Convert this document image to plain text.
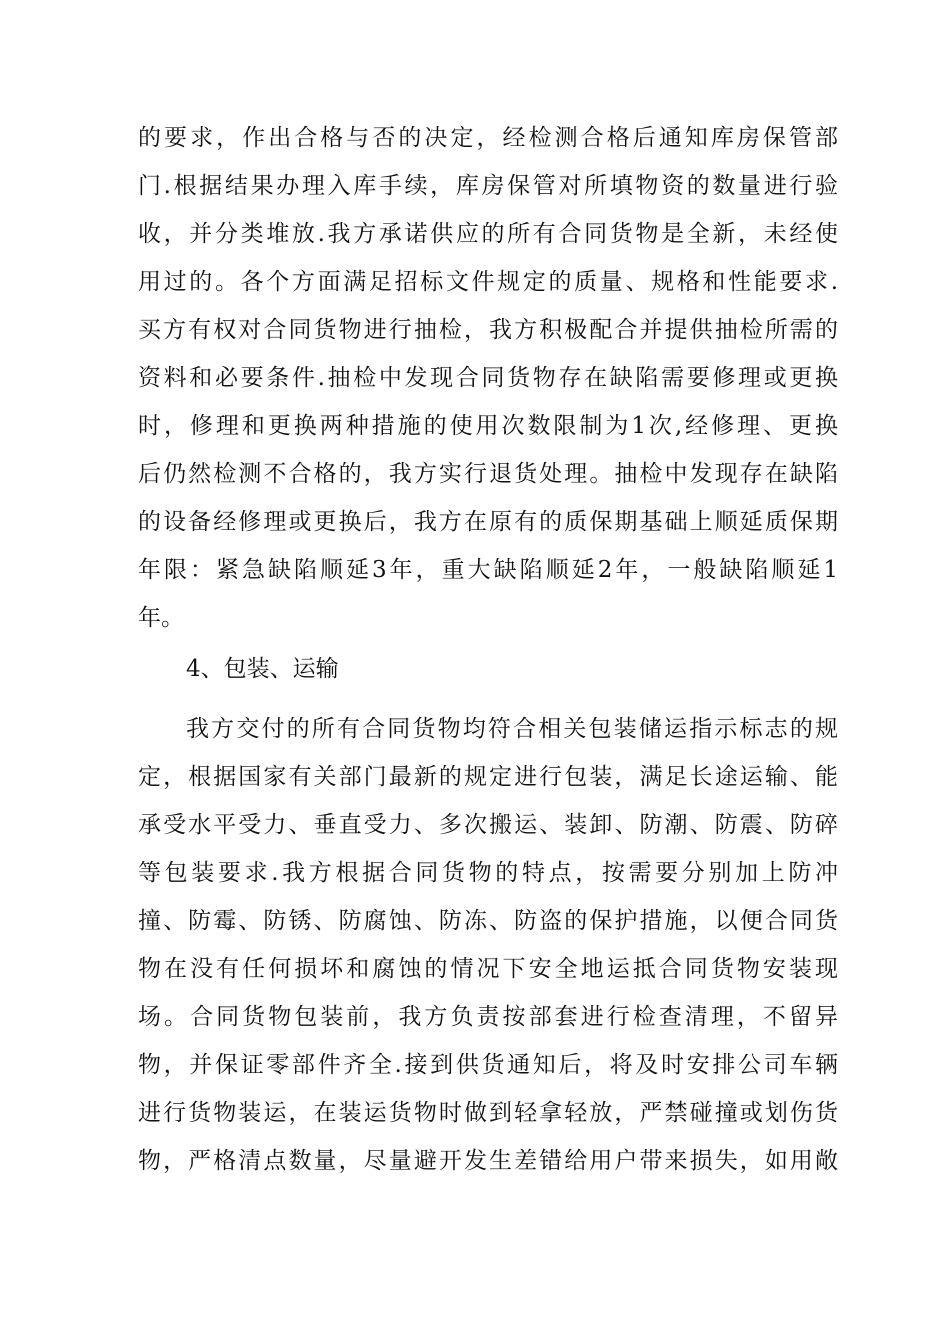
的要求，作出合格与否的决定，经检测合格后通知库房保管部
门.根据结果办理入库手续，库房保管对所填物资的数量进行验
收，并分类堆放.我方承诺供应的所有合同货物是全新，未经使
用过的。各个方面满足招标文件规定的质量、规格和性能要求.
买方有权对合同货物进行抽检，我方积极配合并提供抽检所需的
资料和必要条件.抽检中发现合同货物存在缺陷需要修理或更换
时，修理和更换两种措施的使用次数限制为1次,经修理、更换
后仍然检测不合格的，我方实行退货处理。抽检中发现存在缺陷
的设备经修理或更换后，我方在原有的质保期基础上顺延质保期
年限：紧急缺陷顺延3年，重大缺陷顺延2年，一般缺陷顺延1
年。
4、包装、运输
我方交付的所有合同货物均符合相关包装储运指示标志的规
定，根据国家有关部门最新的规定进行包装，满足长途运输、能
承受水平受力、垂直受力、多次搬运、装卸、防潮、防震、防碎
等包装要求.我方根据合同货物的特点，按需要分别加上防冲
撞、防霉、防锈、防腐蚀、防冻、防盗的保护措施，以便合同货
物在没有任何损坏和腐蚀的情况下安全地运抵合同货物安装现
场。合同货物包装前，我方负责按部套进行检查清理，不留异
物，并保证零部件齐全.接到供货通知后，将及时安排公司车辆
进行货物装运，在装运货物时做到轻拿轻放，严禁碰撞或划伤货
物，严格清点数量，尽量避开发生差错给用户带来损失，如用敞
